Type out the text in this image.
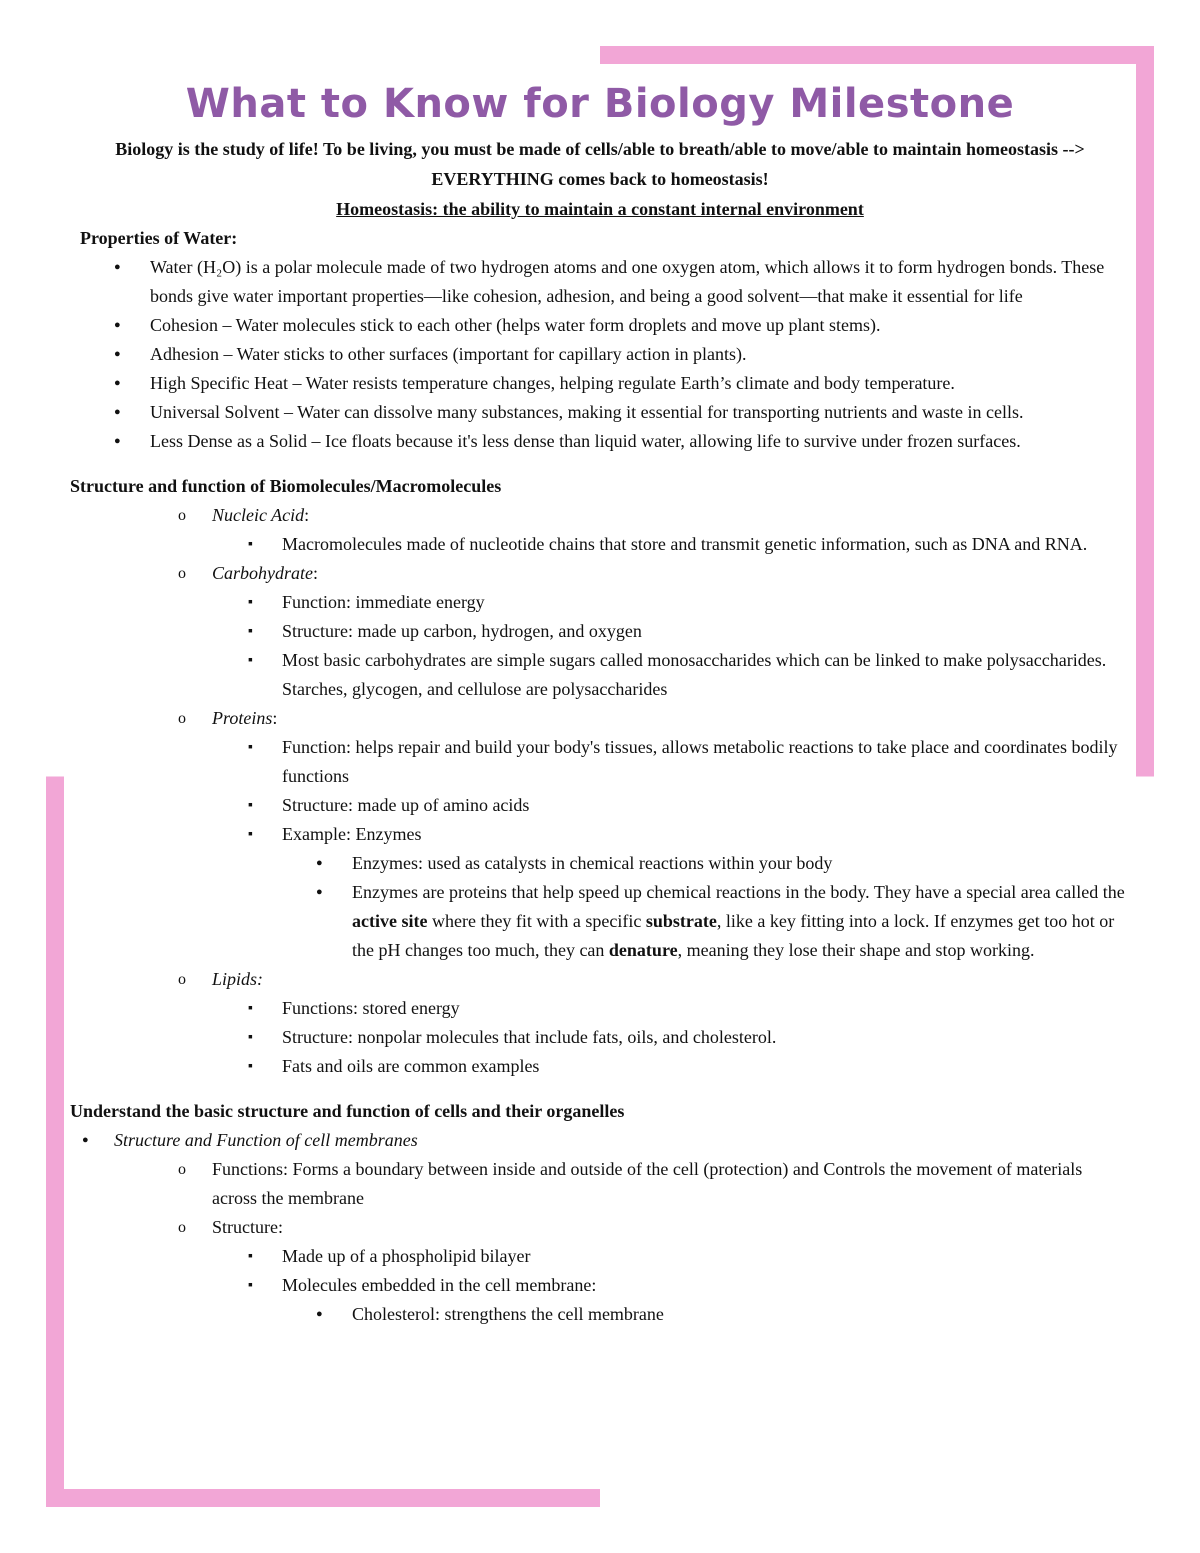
What to Know for Biology Milestone
Biology is the study of life! To be living, you must be made of cells/able to breath/able to move/able to maintain homeostasis --> EVERYTHING comes back to homeostasis!
Homeostasis: the ability to maintain a constant internal environment
Properties of Water:
● Water (H₂O) is a polar molecule made of two hydrogen atoms and one oxygen atom, which allows it to form hydrogen bonds. These bonds give water important properties—like cohesion, adhesion, and being a good solvent—that make it essential for life
● Cohesion – Water molecules stick to each other (helps water form droplets and move up plant stems).
● Adhesion – Water sticks to other surfaces (important for capillary action in plants).
● High Specific Heat – Water resists temperature changes, helping regulate Earth’s climate and body temperature.
● Universal Solvent – Water can dissolve many substances, making it essential for transporting nutrients and waste in cells.
● Less Dense as a Solid – Ice floats because it's less dense than liquid water, allowing life to survive under frozen surfaces.
Structure and function of Biomolecules/Macromolecules
o Nucleic Acid:
▪ Macromolecules made of nucleotide chains that store and transmit genetic information, such as DNA and RNA.
o Carbohydrate:
▪ Function: immediate energy
▪ Structure: made up carbon, hydrogen, and oxygen
▪ Most basic carbohydrates are simple sugars called monosaccharides which can be linked to make polysaccharides. Starches, glycogen, and cellulose are polysaccharides
o Proteins:
▪ Function: helps repair and build your body's tissues, allows metabolic reactions to take place and coordinates bodily functions
▪ Structure: made up of amino acids
▪ Example: Enzymes
● Enzymes: used as catalysts in chemical reactions within your body
● Enzymes are proteins that help speed up chemical reactions in the body. They have a special area called the active site where they fit with a specific substrate, like a key fitting into a lock. If enzymes get too hot or the pH changes too much, they can denature, meaning they lose their shape and stop working.
o Lipids:
▪ Functions: stored energy
▪ Structure: nonpolar molecules that include fats, oils, and cholesterol.
▪ Fats and oils are common examples
Understand the basic structure and function of cells and their organelles
● Structure and Function of cell membranes
o Functions: Forms a boundary between inside and outside of the cell (protection) and Controls the movement of materials across the membrane
o Structure:
▪ Made up of a phospholipid bilayer
▪ Molecules embedded in the cell membrane:
● Cholesterol: strengthens the cell membrane
